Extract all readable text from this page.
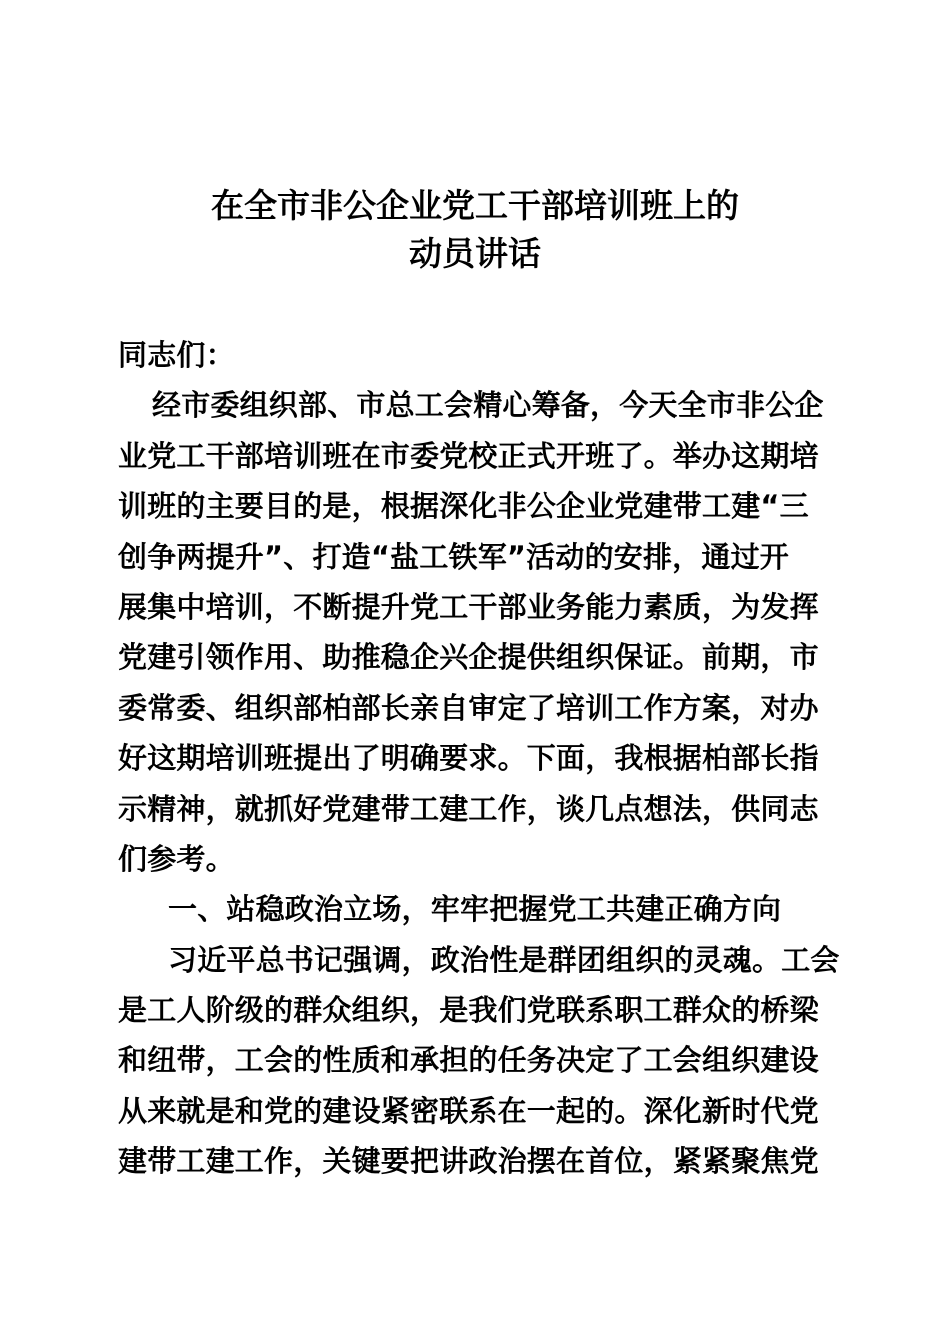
在全市非公企业党工干部培训班上的
动员讲话
同志们：
经市委组织部、市总工会精心筹备，今天全市非公企
业党工干部培训班在市委党校正式开班了。举办这期培
训班的主要目的是，根据深化非公企业党建带工建“三
创争两提升”、打造“盐工铁军”活动的安排，通过开
展集中培训，不断提升党工干部业务能力素质，为发挥
党建引领作用、助推稳企兴企提供组织保证。前期，市
委常委、组织部柏部长亲自审定了培训工作方案，对办
好这期培训班提出了明确要求。下面，我根据柏部长指
示精神，就抓好党建带工建工作，谈几点想法，供同志
们参考。
一、站稳政治立场，牢牢把握党工共建正确方向
习近平总书记强调，政治性是群团组织的灵魂。工会
是工人阶级的群众组织，是我们党联系职工群众的桥梁
和纽带，工会的性质和承担的任务决定了工会组织建设
从来就是和党的建设紧密联系在一起的。深化新时代党
建带工建工作，关键要把讲政治摆在首位，紧紧聚焦党
